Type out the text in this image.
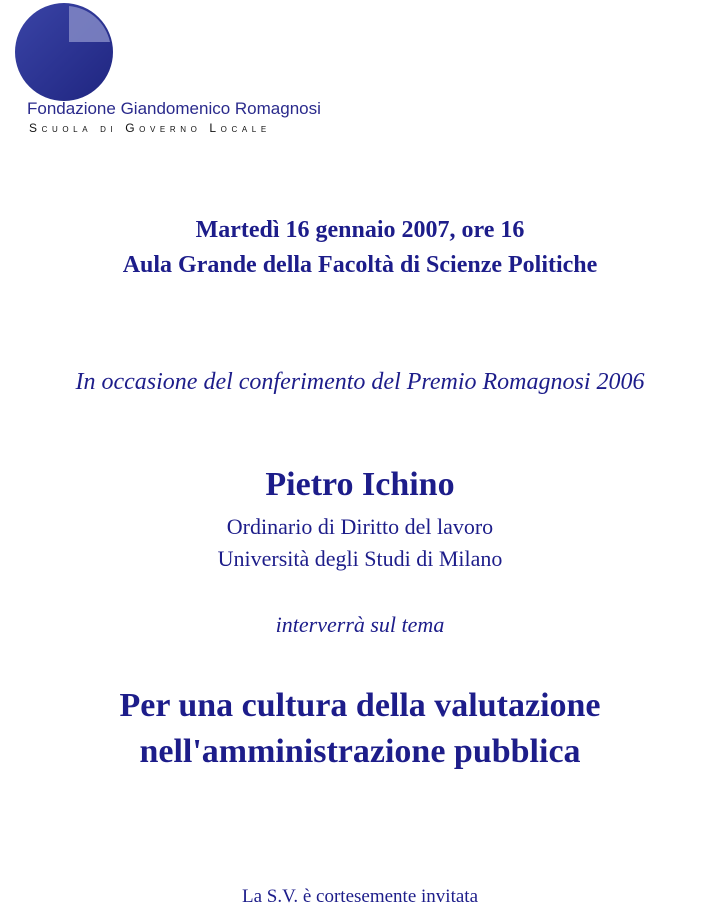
Fondazione Giandomenico Romagnosi
Scuola di Governo Locale
Martedì 16 gennaio 2007, ore 16
Aula Grande della Facoltà di Scienze Politiche
In occasione del conferimento del Premio Romagnosi 2006
Pietro Ichino
Ordinario di Diritto del lavoro
Università degli Studi di Milano
interverrà sul tema
Per una cultura della valutazione
nell'amministrazione pubblica
La S.V. è cortesemente invitata
